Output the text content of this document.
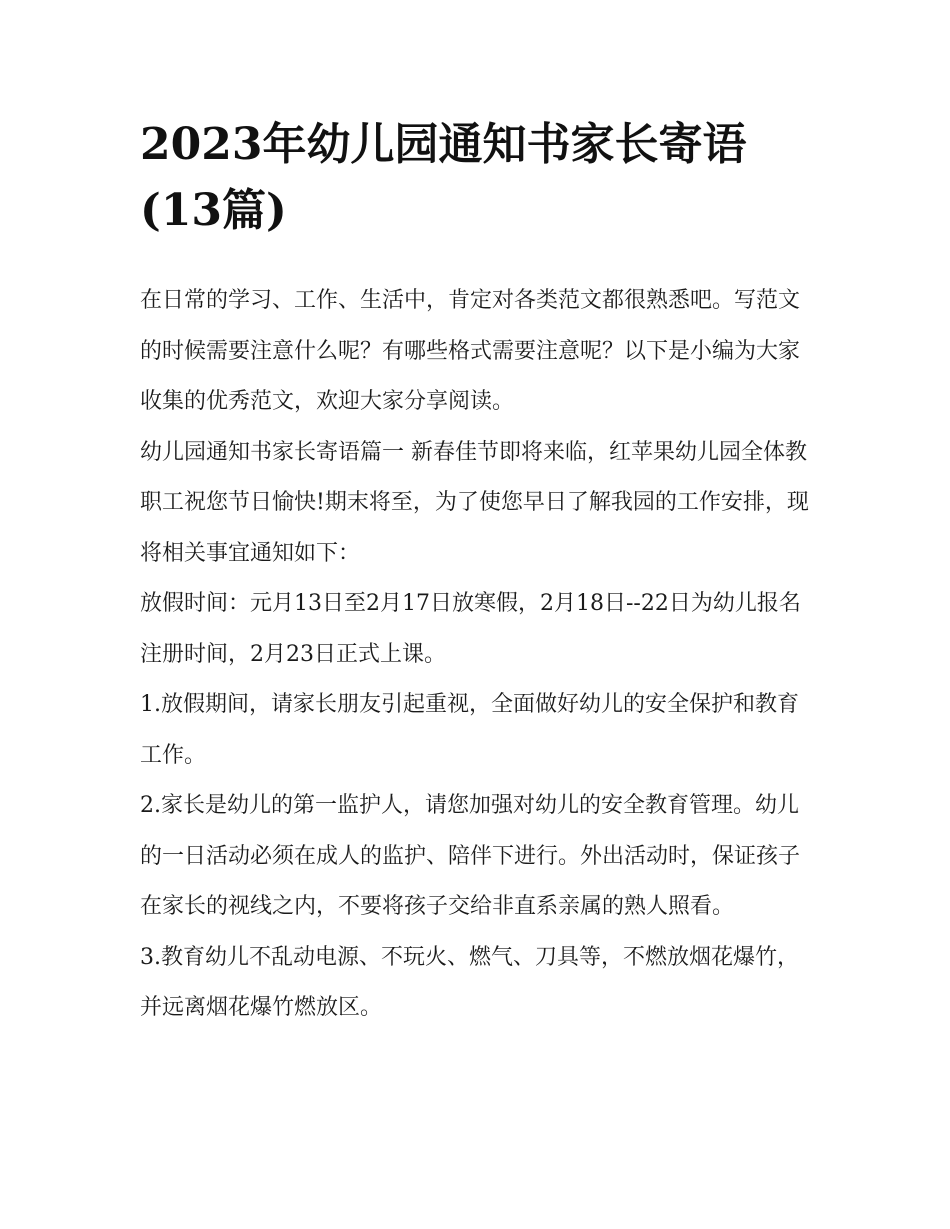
2023年幼儿园通知书家长寄语(13篇)

在日常的学习、工作、生活中，肯定对各类范文都很熟悉吧。写范文的时候需要注意什么呢？有哪些格式需要注意呢？以下是小编为大家收集的优秀范文，欢迎大家分享阅读。

幼儿园通知书家长寄语篇一 新春佳节即将来临，红苹果幼儿园全体教职工祝您节日愉快!期末将至，为了使您早日了解我园的工作安排，现将相关事宜通知如下：

放假时间：元月13日至2月17日放寒假，2月18日--22日为幼儿报名注册时间，2月23日正式上课。

1.放假期间，请家长朋友引起重视，全面做好幼儿的安全保护和教育工作。

2.家长是幼儿的第一监护人，请您加强对幼儿的安全教育管理。幼儿的一日活动必须在成人的监护、陪伴下进行。外出活动时，保证孩子在家长的视线之内，不要将孩子交给非直系亲属的熟人照看。

3.教育幼儿不乱动电源、不玩火、燃气、刀具等，不燃放烟花爆竹，并远离烟花爆竹燃放区。
